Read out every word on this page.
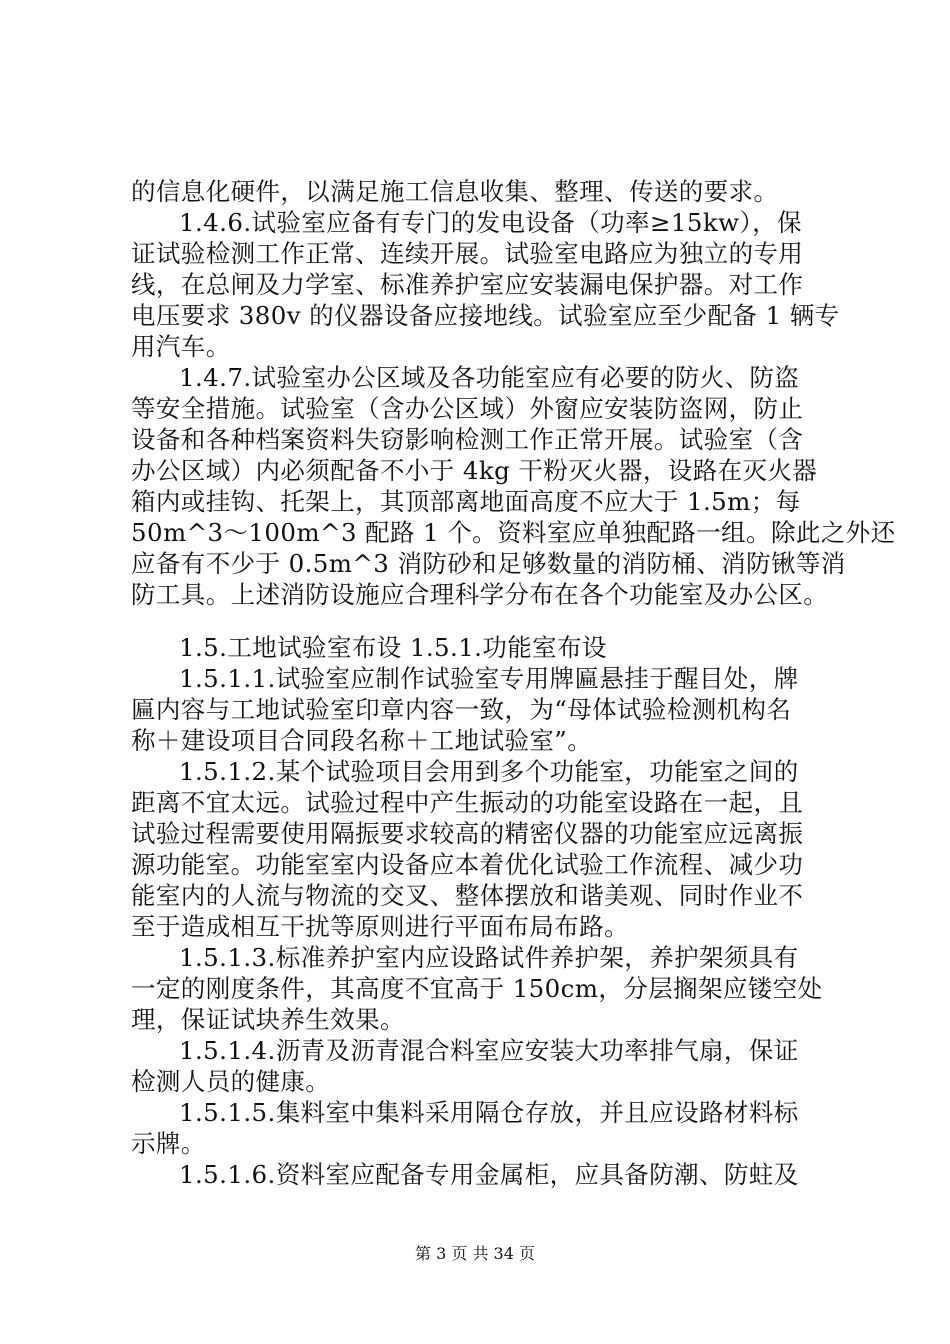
的信息化硬件，以满足施工信息收集、整理、传送的要求。
1.4.6.试验室应备有专门的发电设备（功率≥15kw），保
证试验检测工作正常、连续开展。试验室电路应为独立的专用
线，在总闸及力学室、标准养护室应安装漏电保护器。对工作
电压要求 380v 的仪器设备应接地线。试验室应至少配备 1 辆专
用汽车。
1.4.7.试验室办公区域及各功能室应有必要的防火、防盗
等安全措施。试验室（含办公区域）外窗应安装防盗网，防止
设备和各种档案资料失窃影响检测工作正常开展。试验室（含
办公区域）内必须配备不小于 4kg 干粉灭火器，设路在灭火器
箱内或挂钩、托架上，其顶部离地面高度不应大于 1.5m；每
50m^3～100m^3 配路 1 个。资料室应单独配路一组。除此之外还
应备有不少于 0.5m^3 消防砂和足够数量的消防桶、消防锹等消
防工具。上述消防设施应合理科学分布在各个功能室及办公区。
1.5.工地试验室布设 1.5.1.功能室布设
1.5.1.1.试验室应制作试验室专用牌匾悬挂于醒目处，牌
匾内容与工地试验室印章内容一致，为“母体试验检测机构名
称＋建设项目合同段名称＋工地试验室”。
1.5.1.2.某个试验项目会用到多个功能室，功能室之间的
距离不宜太远。试验过程中产生振动的功能室设路在一起，且
试验过程需要使用隔振要求较高的精密仪器的功能室应远离振
源功能室。功能室室内设备应本着优化试验工作流程、减少功
能室内的人流与物流的交叉、整体摆放和谐美观、同时作业不
至于造成相互干扰等原则进行平面布局布路。
1.5.1.3.标准养护室内应设路试件养护架，养护架须具有
一定的刚度条件，其高度不宜高于 150cm，分层搁架应镂空处
理，保证试块养生效果。
1.5.1.4.沥青及沥青混合料室应安装大功率排气扇，保证
检测人员的健康。
1.5.1.5.集料室中集料采用隔仓存放，并且应设路材料标
示牌。
1.5.1.6.资料室应配备专用金属柜，应具备防潮、防蛀及
第 3 页 共 34 页
